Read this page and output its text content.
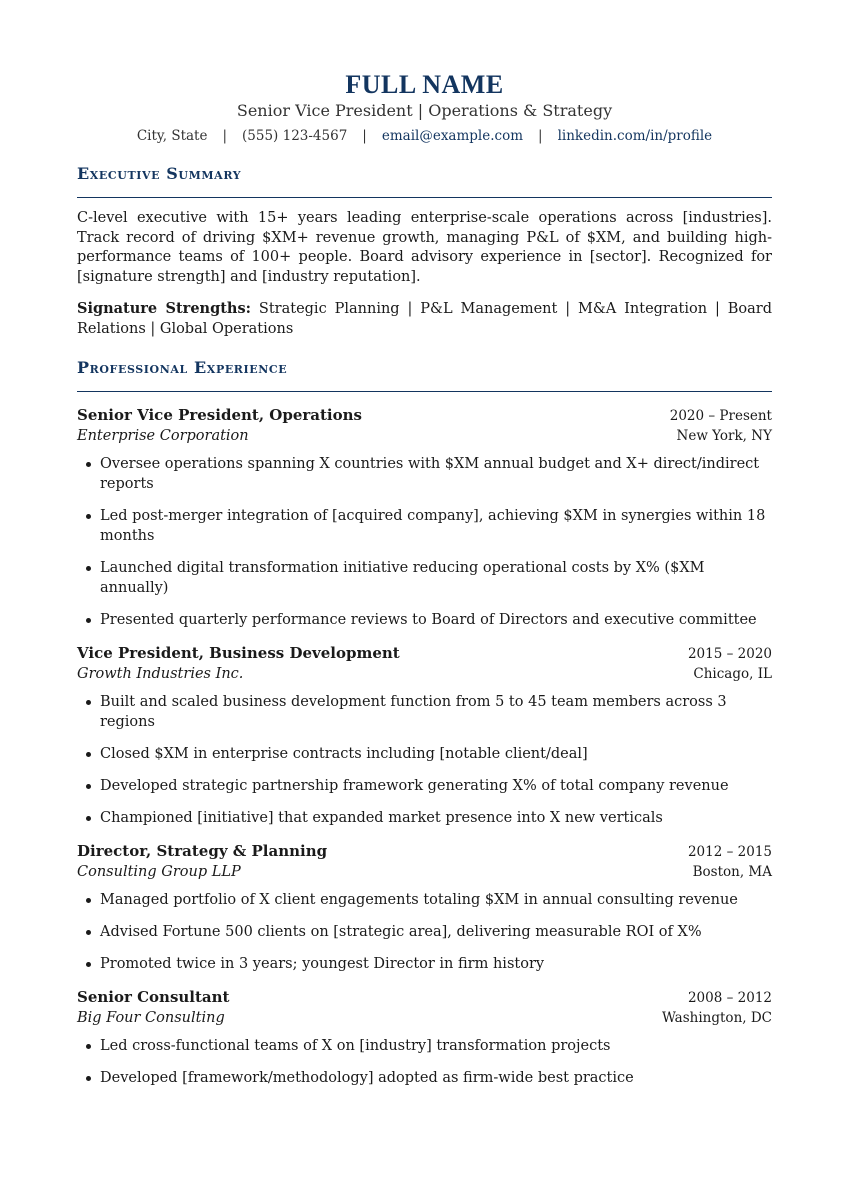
FULL NAME
Senior Vice President | Operations & Strategy
City, State | (555) 123-4567 | email@example.com | linkedin.com/in/profile
Executive Summary
C-level executive with 15+ years leading enterprise-scale operations across [industries]. Track record of driving $XM+ revenue growth, managing P&L of $XM, and building high-performance teams of 100+ people. Board advisory experience in [sector]. Recognized for [signature strength] and [industry reputation].
Signature Strengths: Strategic Planning | P&L Management | M&A Integration | Board Relations | Global Operations
Professional Experience
Senior Vice President, Operations	2020 – Present
Enterprise Corporation	New York, NY
Oversee operations spanning X countries with $XM annual budget and X+ direct/indirect reports
Led post-merger integration of [acquired company], achieving $XM in synergies within 18 months
Launched digital transformation initiative reducing operational costs by X% ($XM annually)
Presented quarterly performance reviews to Board of Directors and executive committee
Vice President, Business Development	2015 – 2020
Growth Industries Inc.	Chicago, IL
Built and scaled business development function from 5 to 45 team members across 3 regions
Closed $XM in enterprise contracts including [notable client/deal]
Developed strategic partnership framework generating X% of total company revenue
Championed [initiative] that expanded market presence into X new verticals
Director, Strategy & Planning	2012 – 2015
Consulting Group LLP	Boston, MA
Managed portfolio of X client engagements totaling $XM in annual consulting revenue
Advised Fortune 500 clients on [strategic area], delivering measurable ROI of X%
Promoted twice in 3 years; youngest Director in firm history
Senior Consultant	2008 – 2012
Big Four Consulting	Washington, DC
Led cross-functional teams of X on [industry] transformation projects
Developed [framework/methodology] adopted as firm-wide best practice
